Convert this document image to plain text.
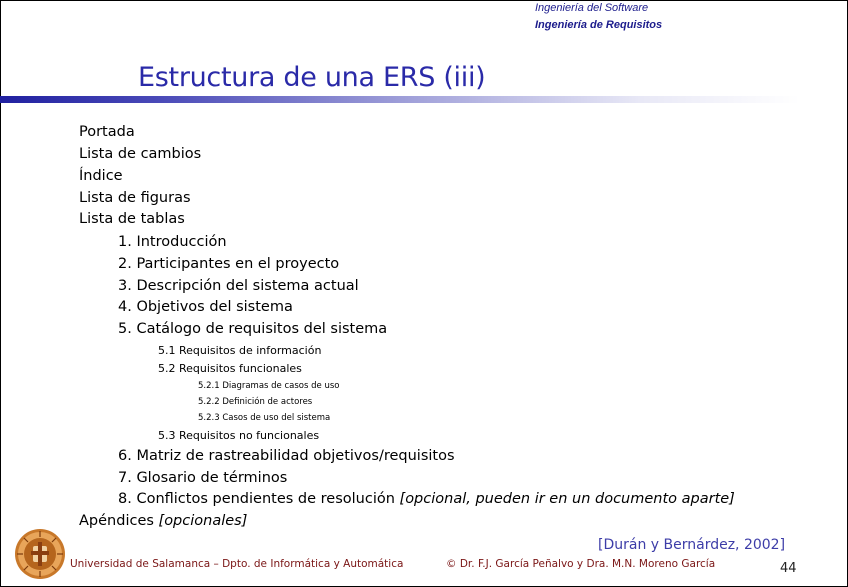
Ingeniería del Software
Ingeniería de Requisitos
Estructura de una ERS (iii)
Portada
Lista de cambios
Índice
Lista de figuras
Lista de tablas
1. Introducción
2. Participantes en el proyecto
3. Descripción del sistema actual
4. Objetivos del sistema
5. Catálogo de requisitos del sistema
5.1 Requisitos de información
5.2 Requisitos funcionales
5.2.1 Diagramas de casos de uso
5.2.2 Definición de actores
5.2.3 Casos de uso del sistema
5.3 Requisitos no funcionales
6. Matriz de rastreabilidad objetivos/requisitos
7. Glosario de términos
8. Conflictos pendientes de resolución [opcional, pueden ir en un documento aparte]
Apéndices [opcionales]
[Durán y Bernárdez, 2002]
Universidad de Salamanca – Dpto. de Informática y Automática	© Dr. F.J. García Peñalvo y Dra. M.N. Moreno García	44
